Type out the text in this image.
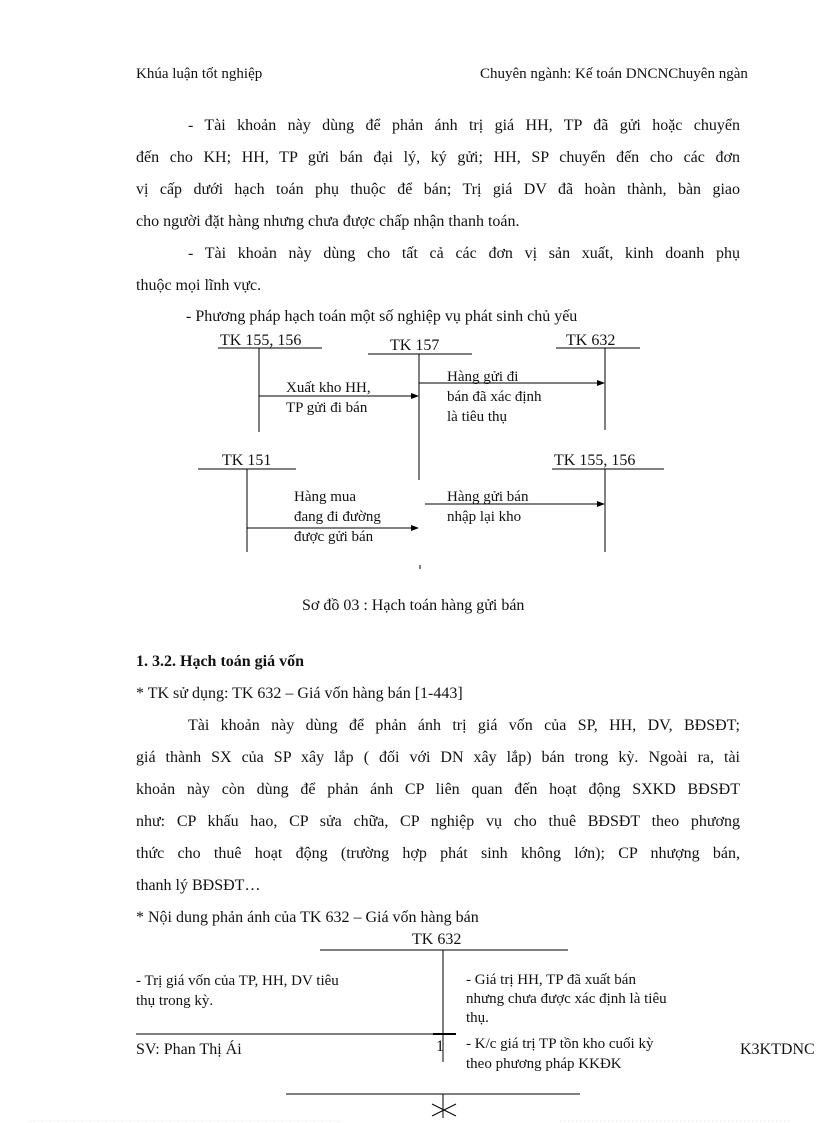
Khúa luận tốt nghiệp	Chuyên ngành: Kế toán DNCNChuyên ngàn
- Tài khoản này dùng để phản ánh trị giá HH, TP đã gửi hoặc chuyển
đến cho KH; HH, TP gửi bán đại lý, ký gửi; HH, SP chuyển đến cho các đơn
vị cấp dưới hạch toán phụ thuộc để bán; Trị giá DV đã hoàn thành, bàn giao
cho người đặt hàng nhưng chưa được chấp nhận thanh toán.
- Tài khoản này dùng cho tất cả các đơn vị sản xuất, kinh doanh phụ
thuộc mọi lĩnh vực.
- Phương pháp hạch toán một số nghiệp vụ phát sinh chủ yếu
TK 155, 156	TK 157	TK 632
TK 151	TK 155, 156
Xuất kho HH,
TP gửi đi bán
Hàng gửi đi
bán đã xác định
là tiêu thụ
Hàng mua
đang đi đường
được gửi bán
Hàng gửi bán
nhập lại kho
Sơ đồ 03 : Hạch toán hàng gửi bán
1. 3.2. Hạch toán giá vốn
* TK sử dụng: TK 632 – Giá vốn hàng bán [1-443]
Tài khoản này dùng để phản ánh trị giá vốn của SP, HH, DV, BĐSĐT;
giá thành SX của SP xây lắp ( đối với DN xây lắp) bán trong kỳ. Ngoài ra, tài
khoản này còn dùng để phản ánh CP liên quan đến hoạt động SXKD BĐSĐT
như: CP khấu hao, CP sửa chữa, CP nghiệp vụ cho thuê BĐSĐT theo phương
thức cho thuê hoạt động (trường hợp phát sinh không lớn); CP nhượng bán,
thanh lý BĐSĐT…
* Nội dung phản ánh của TK 632 – Giá vốn hàng bán
TK 632
- Trị giá vốn của TP, HH, DV tiêu
thụ trong kỳ.
- Giá trị HH, TP đã xuất bán
nhưng chưa được xác định là tiêu
thụ.
- K/c giá trị TP tồn kho cuối kỳ
theo phương pháp KKĐK
SV: Phan Thị Ái	1	K3KTDNC
